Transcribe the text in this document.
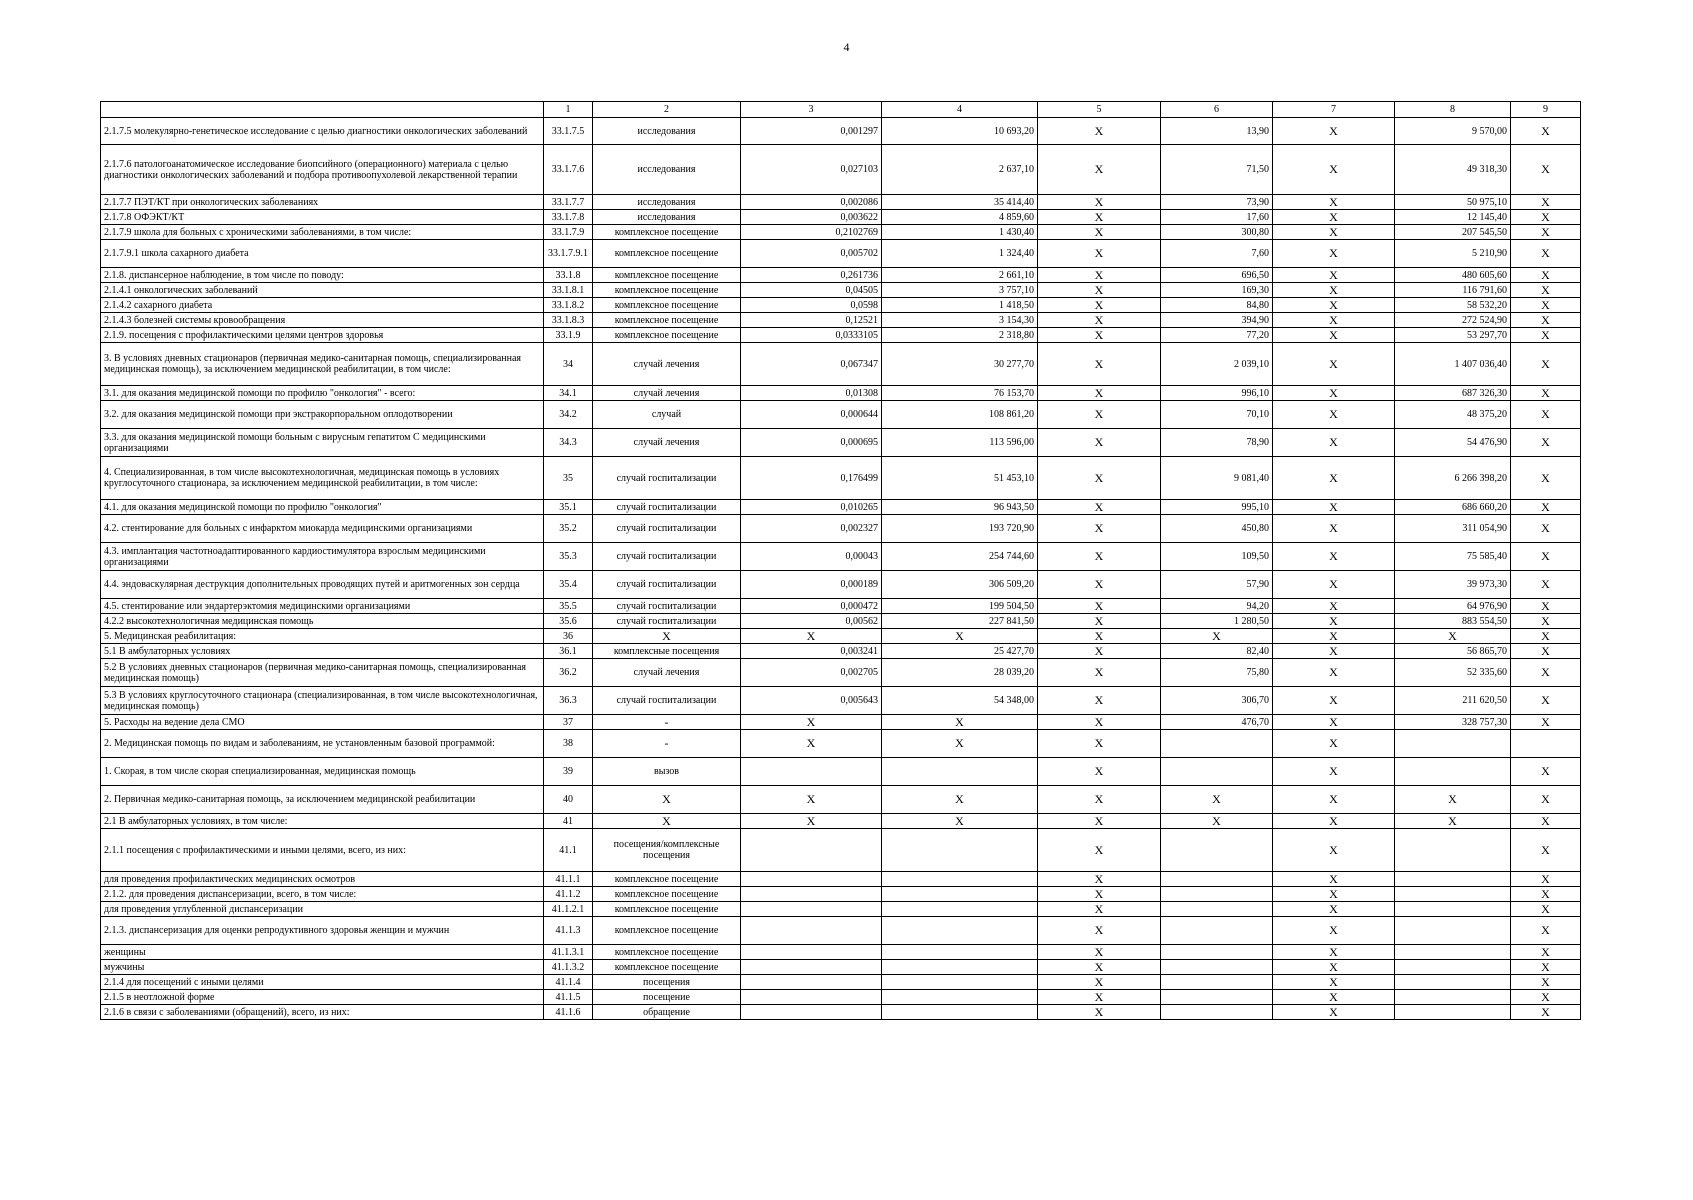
4
	1	2	3	4	5	6	7	8	9
2.1.7.5 молекулярно-генетическое исследование с целью диагностики онкологических заболеваний	33.1.7.5	исследования	0,001297	10 693,20	X	13,90	X	9 570,00	X
2.1.7.6 патологоанатомическое исследование биопсийного (операционного) материала с целью диагностики онкологических заболеваний и подбора противоопухолевой лекарственной терапии	33.1.7.6	исследования	0,027103	2 637,10	X	71,50	X	49 318,30	X
2.1.7.7 ПЭТ/КТ при онкологических заболеваниях	33.1.7.7	исследования	0,002086	35 414,40	X	73,90	X	50 975,10	X
2.1.7.8 ОФЭКТ/КТ	33.1.7.8	исследования	0,003622	4 859,60	X	17,60	X	12 145,40	X
2.1.7.9 школа для больных с хроническими заболеваниями, в том числе:	33.1.7.9	комплексное посещение	0,2102769	1 430,40	X	300,80	X	207 545,50	X
2.1.7.9.1 школа сахарного диабета	33.1.7.9.1	комплексное посещение	0,005702	1 324,40	X	7,60	X	5 210,90	X
2.1.8. диспансерное наблюдение, в том числе по поводу:	33.1.8	комплексное посещение	0,261736	2 661,10	X	696,50	X	480 605,60	X
2.1.4.1 онкологических заболеваний	33.1.8.1	комплексное посещение	0,04505	3 757,10	X	169,30	X	116 791,60	X
2.1.4.2 сахарного диабета	33.1.8.2	комплексное посещение	0,0598	1 418,50	X	84,80	X	58 532,20	X
2.1.4.3 болезней системы кровообращения	33.1.8.3	комплексное посещение	0,12521	3 154,30	X	394,90	X	272 524,90	X
2.1.9. посещения с профилактическими целями центров здоровья	33.1.9	комплексное посещение	0,0333105	2 318,80	X	77,20	X	53 297,70	X
3. В условиях дневных стационаров (первичная медико-санитарная помощь, специализированная медицинская помощь), за исключением медицинской реабилитации, в том числе:	34	случай лечения	0,067347	30 277,70	X	2 039,10	X	1 407 036,40	X
3.1. для оказания медицинской помощи по профилю "онкология" - всего:	34.1	случай лечения	0,01308	76 153,70	X	996,10	X	687 326,30	X
3.2. для оказания медицинской помощи при экстракорпоральном оплодотворении	34.2	случай	0,000644	108 861,20	X	70,10	X	48 375,20	X
3.3. для оказания медицинской помощи больным с вирусным гепатитом С медицинскими организациями	34.3	случай лечения	0,000695	113 596,00	X	78,90	X	54 476,90	X
4. Специализированная, в том числе высокотехнологичная, медицинская помощь в условиях круглосуточного стационара, за исключением медицинской реабилитации, в том числе:	35	случай госпитализации	0,176499	51 453,10	X	9 081,40	X	6 266 398,20	X
4.1. для оказания медицинской помощи по профилю "онкология"	35.1	случай госпитализации	0,010265	96 943,50	X	995,10	X	686 660,20	X
4.2. стентирование для больных с инфарктом миокарда медицинскими организациями	35.2	случай госпитализации	0,002327	193 720,90	X	450,80	X	311 054,90	X
4.3. имплантация частотноадаптированного кардиостимулятора взрослым медицинскими организациями	35.3	случай госпитализации	0,00043	254 744,60	X	109,50	X	75 585,40	X
4.4. эндоваскулярная деструкция дополнительных проводящих путей и аритмогенных зон сердца	35.4	случай госпитализации	0,000189	306 509,20	X	57,90	X	39 973,30	X
4.5. стентирование или эндартерэктомия медицинскими организациями	35.5	случай госпитализации	0,000472	199 504,50	X	94,20	X	64 976,90	X
4.2.2 высокотехнологичная медицинская помощь	35.6	случай госпитализации	0,00562	227 841,50	X	1 280,50	X	883 554,50	X
5. Медицинская реабилитация:	36	X	X	X	X	X	X	X	X
5.1 В амбулаторных условиях	36.1	комплексные посещения	0,003241	25 427,70	X	82,40	X	56 865,70	X
5.2 В условиях дневных стационаров (первичная медико-санитарная помощь, специализированная медицинская помощь)	36.2	случай лечения	0,002705	28 039,20	X	75,80	X	52 335,60	X
5.3 В условиях круглосуточного стационара (специализированная, в том числе высокотехнологичная, медицинская помощь)	36.3	случай госпитализации	0,005643	54 348,00	X	306,70	X	211 620,50	X
5. Расходы на ведение дела СМО	37	-	X	X	X	476,70	X	328 757,30	X
2. Медицинская помощь по видам и заболеваниям, не установленным базовой программой:	38	-	X	X	X		X		
1. Скорая, в том числе скорая специализированная, медицинская помощь	39	вызов			X		X		X
2. Первичная медико-санитарная помощь, за исключением медицинской реабилитации	40	X	X	X	X	X	X	X	X
2.1 В амбулаторных условиях, в том числе:	41	X	X	X	X	X	X	X	X
2.1.1 посещения с профилактическими и иными целями, всего, из них:	41.1	посещения/комплексные посещения			X		X		X
для проведения профилактических медицинских осмотров	41.1.1	комплексное посещение			X		X		X
2.1.2. для проведения диспансеризации, всего, в том числе:	41.1.2	комплексное посещение			X		X		X
для проведения углубленной диспансеризации	41.1.2.1	комплексное посещение			X		X		X
2.1.3. диспансеризация для оценки репродуктивного здоровья женщин и мужчин	41.1.3	комплексное посещение			X		X		X
женщины	41.1.3.1	комплексное посещение			X		X		X
мужчины	41.1.3.2	комплексное посещение			X		X		X
2.1.4 для посещений с иными целями	41.1.4	посещения			X		X		X
2.1.5 в неотложной форме	41.1.5	посещение			X		X		X
2.1.6 в связи с заболеваниями (обращений), всего, из них:	41.1.6	обращение			X		X		X
